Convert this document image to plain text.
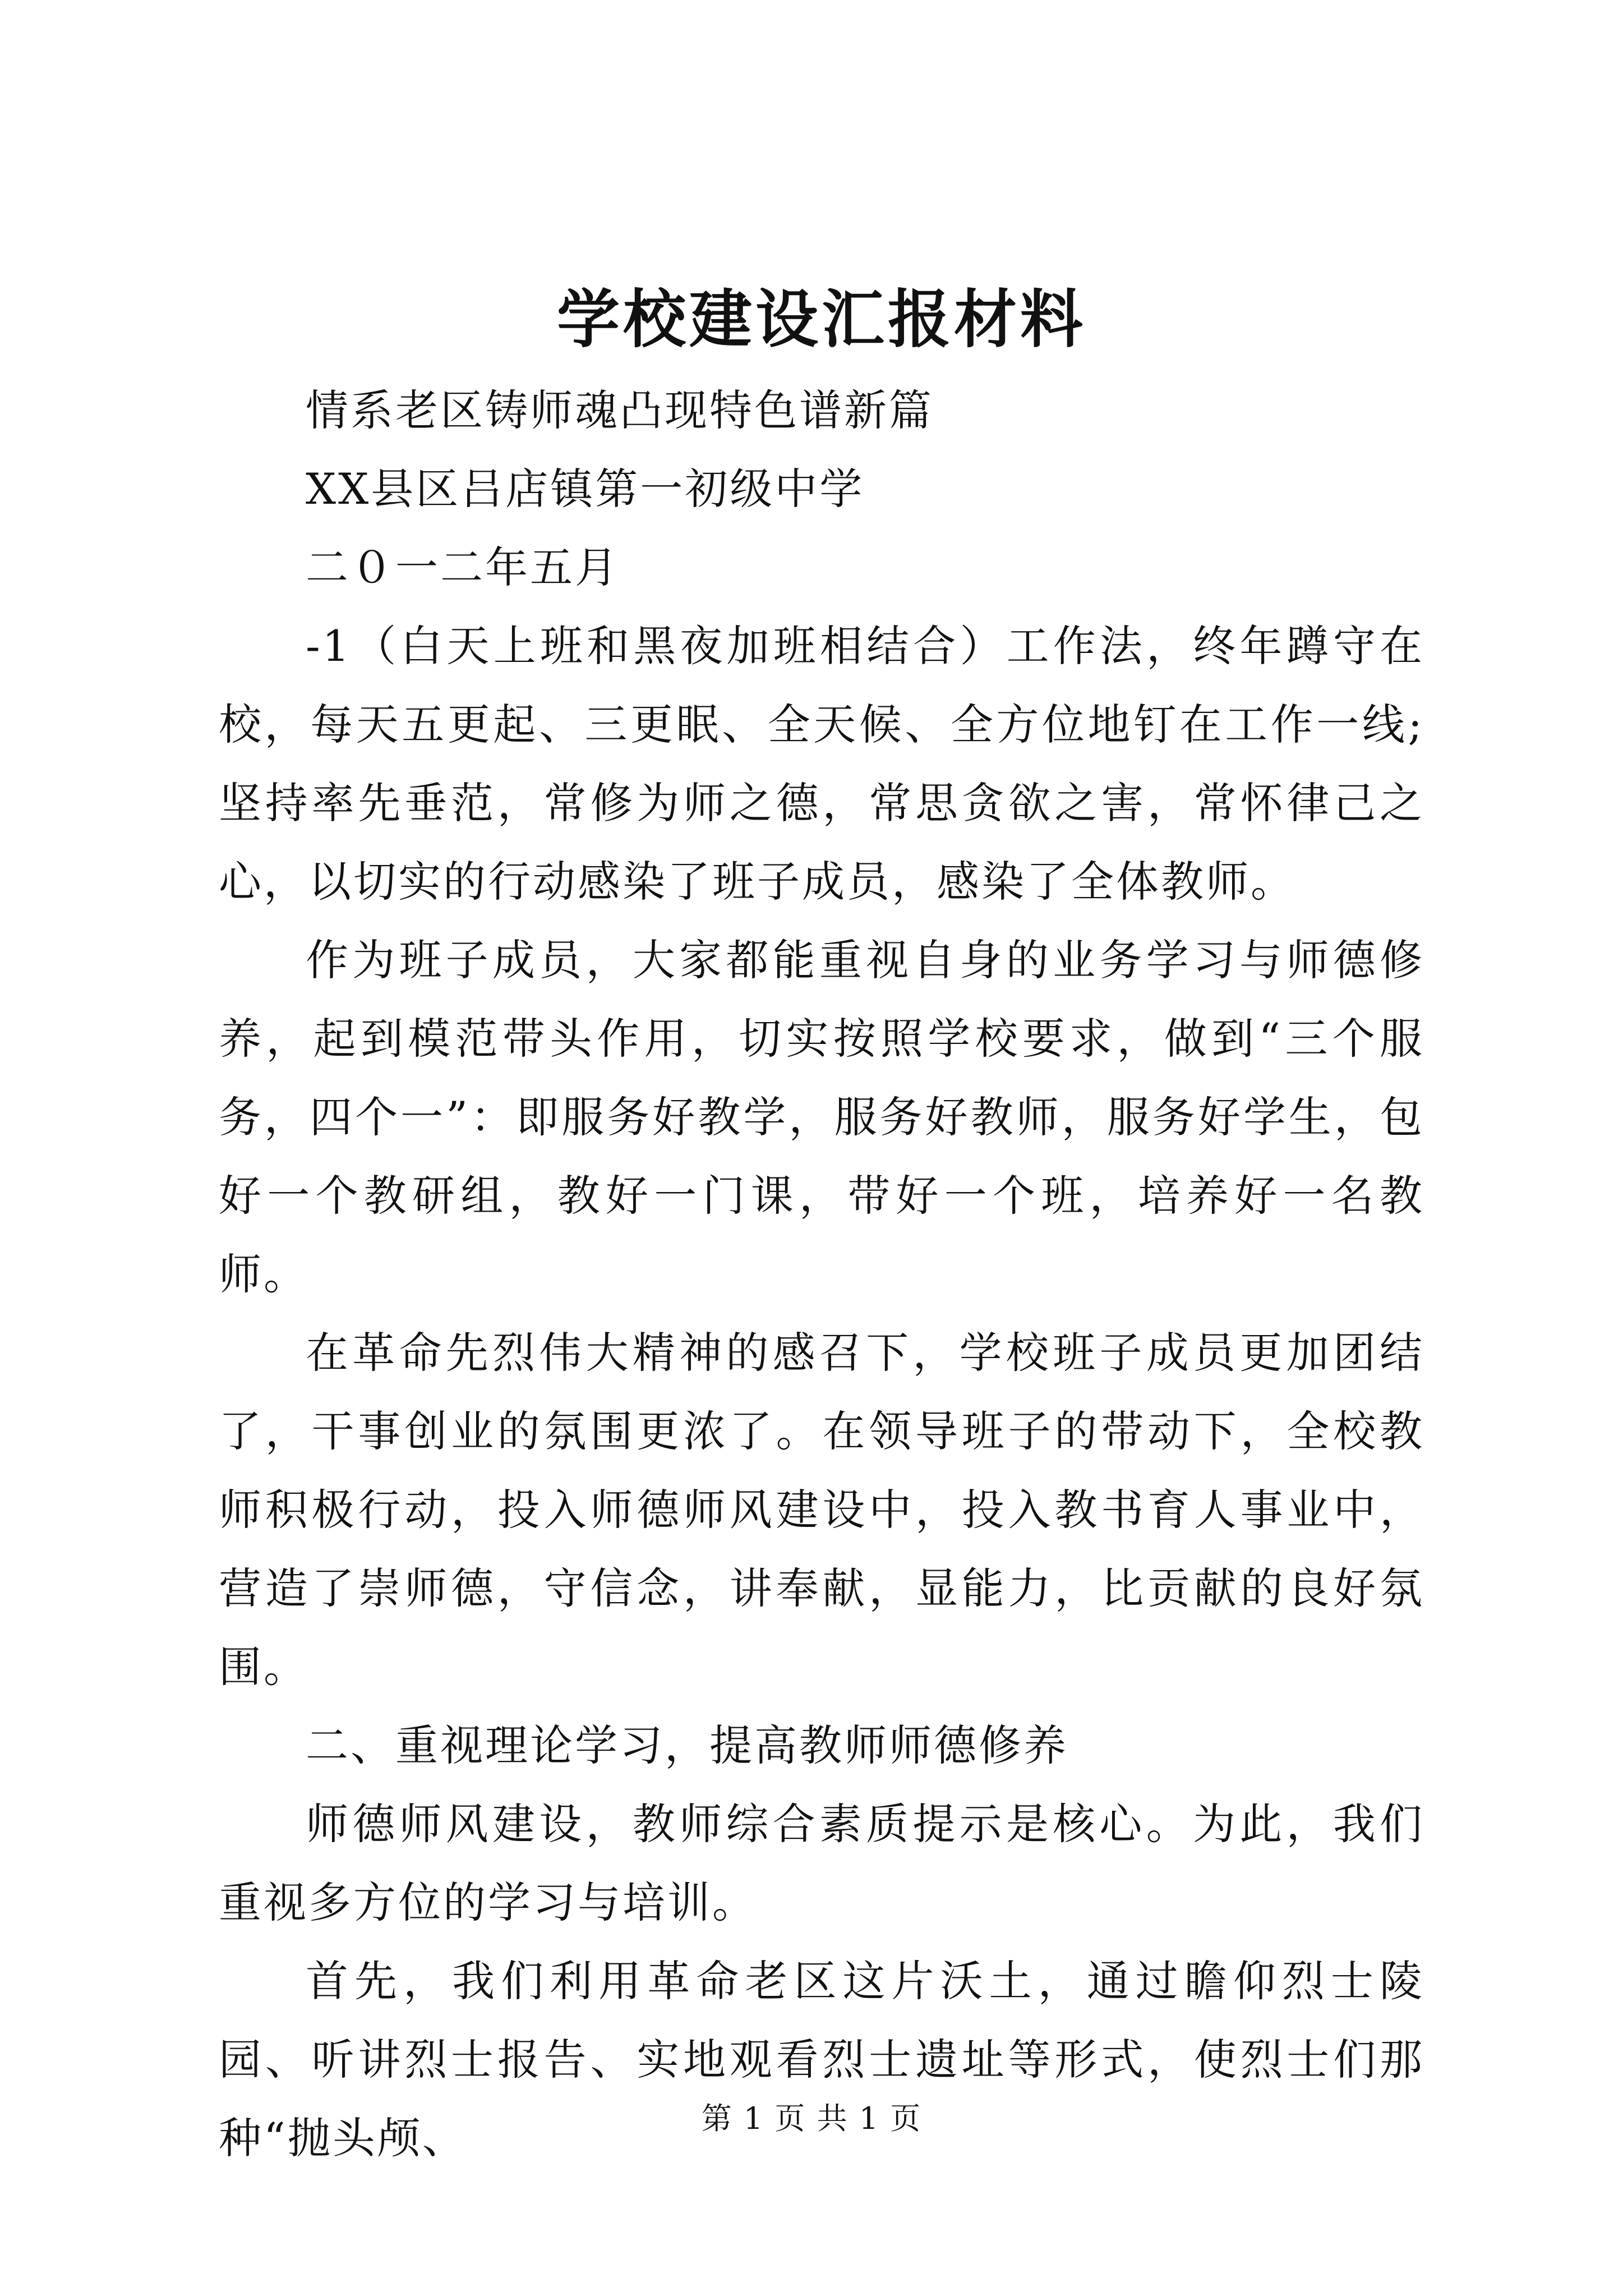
学校建设汇报材料

情系老区铸师魂凸现特色谱新篇

XX县区吕店镇第一初级中学

二０一二年五月

-1（白天上班和黑夜加班相结合）工作法，终年蹲守在校，每天五更起、三更眠、全天候、全方位地钉在工作一线;坚持率先垂范，常修为师之德，常思贪欲之害，常怀律己之心，以切实的行动感染了班子成员，感染了全体教师。

作为班子成员，大家都能重视自身的业务学习与师德修养，起到模范带头作用，切实按照学校要求，做到“三个服务，四个一”：即服务好教学，服务好教师，服务好学生，包好一个教研组，教好一门课，带好一个班，培养好一名教师。

在革命先烈伟大精神的感召下，学校班子成员更加团结了，干事创业的氛围更浓了。在领导班子的带动下，全校教师积极行动，投入师德师风建设中，投入教书育人事业中，营造了崇师德，守信念，讲奉献，显能力，比贡献的良好氛围。

二、重视理论学习，提高教师师德修养

师德师风建设，教师综合素质提示是核心。为此，我们重视多方位的学习与培训。

首先，我们利用革命老区这片沃土，通过瞻仰烈士陵园、听讲烈士报告、实地观看烈士遗址等形式，使烈士们那种“抛头颅、	第 1 页 共 1 页
